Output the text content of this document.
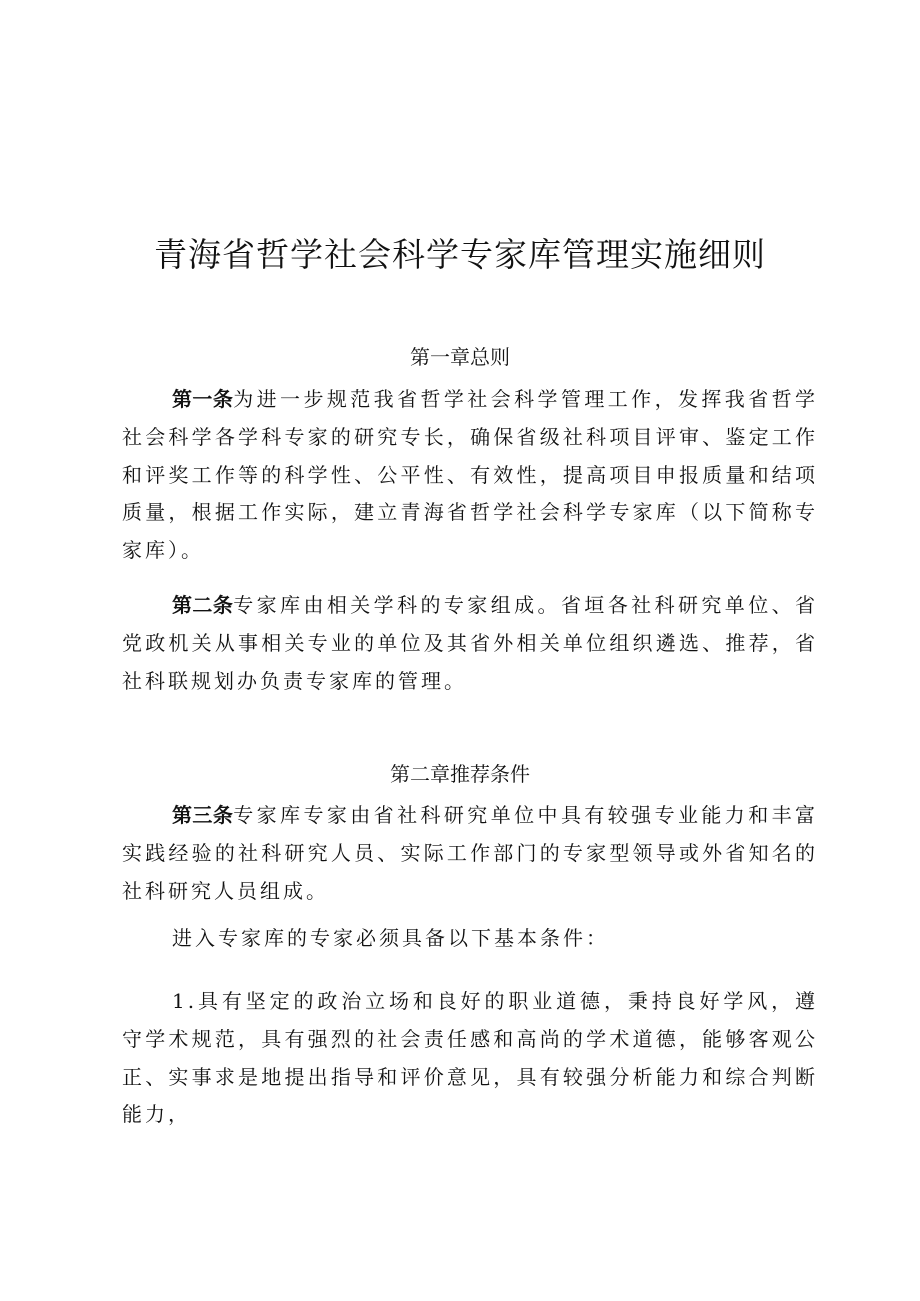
青海省哲学社会科学专家库管理实施细则
第一章总则

第一条为进一步规范我省哲学社会科学管理工作，发挥我省哲学社会科学各学科专家的研究专长，确保省级社科项目评审、鉴定工作和评奖工作等的科学性、公平性、有效性，提高项目申报质量和结项质量，根据工作实际，建立青海省哲学社会科学专家库（以下简称专家库）。

第二条专家库由相关学科的专家组成。省垣各社科研究单位、省党政机关从事相关专业的单位及其省外相关单位组织遴选、推荐，省社科联规划办负责专家库的管理。

第二章推荐条件

第三条专家库专家由省社科研究单位中具有较强专业能力和丰富实践经验的社科研究人员、实际工作部门的专家型领导或外省知名的社科研究人员组成。

进入专家库的专家必须具备以下基本条件：

1.具有坚定的政治立场和良好的职业道德，秉持良好学风，遵守学术规范，具有强烈的社会责任感和高尚的学术道德，能够客观公正、实事求是地提出指导和评价意见，具有较强分析能力和综合判断能力，
